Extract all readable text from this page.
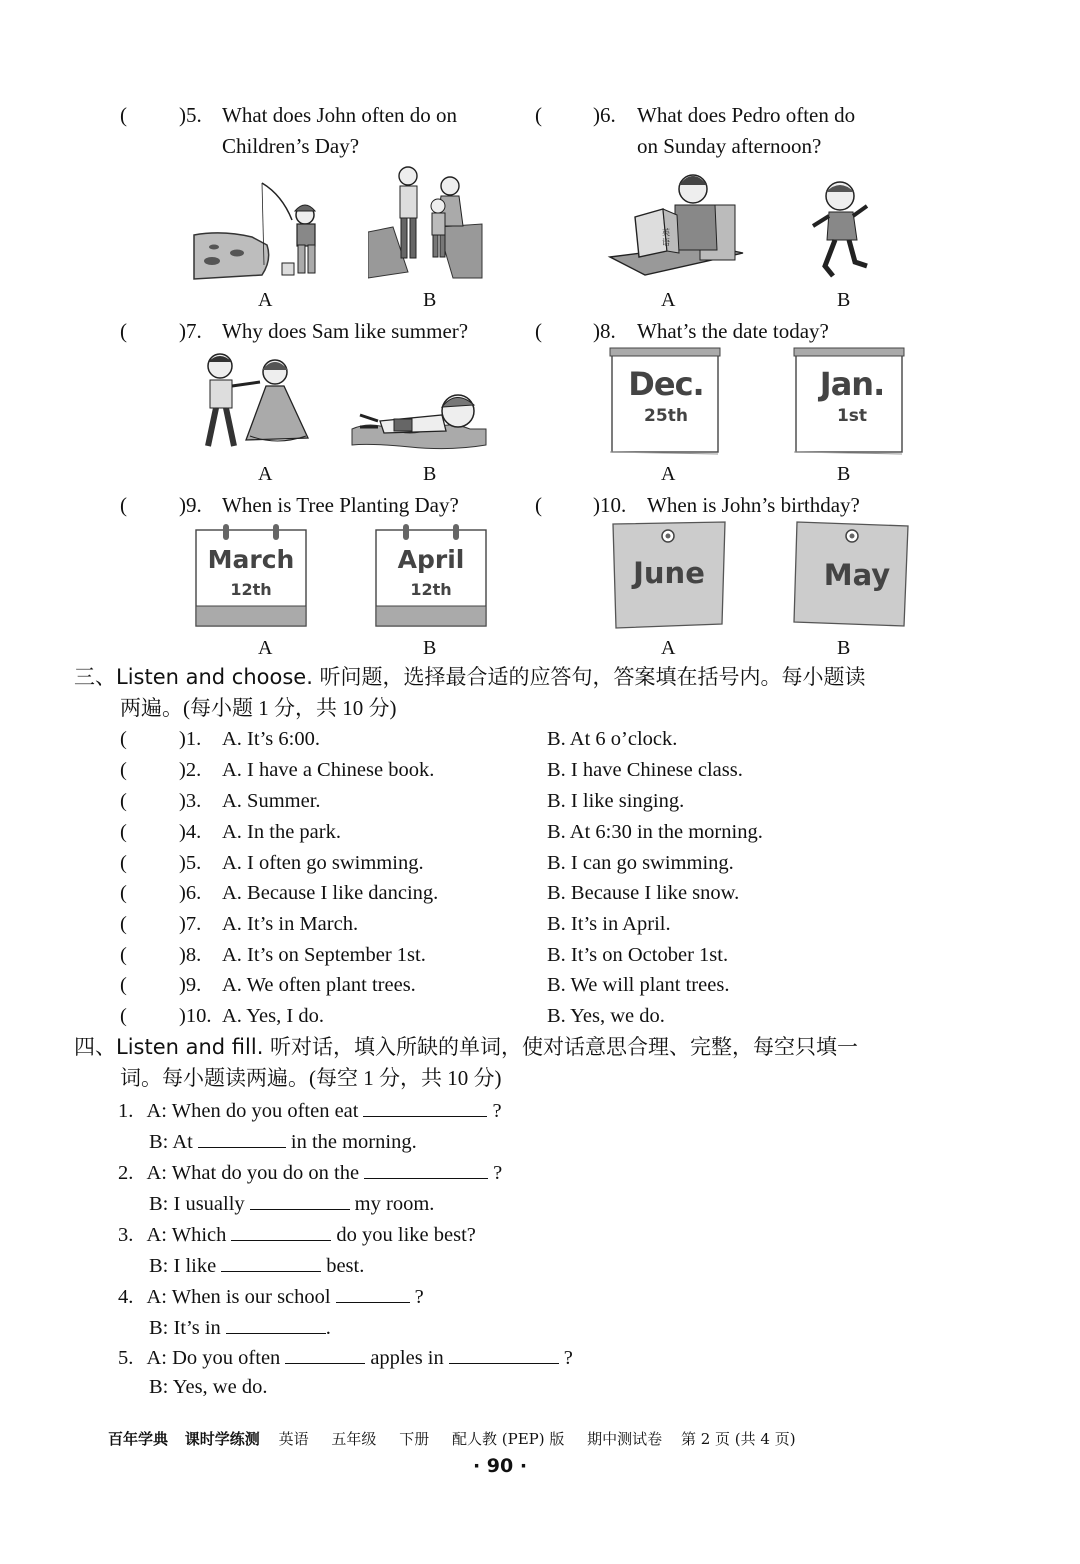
( )5. What does John often do on
Children’s Day?
( )6. What does Pedro often do
on Sunday afternoon?
英
语
A	B	A	B
( )7. Why does Sam like summer?	( )8. What’s the date today?
Dec.
25th
Jan.
1st
A	B	A	B
( )9. When is Tree Planting Day?	( )10. When is John’s birthday?
March
12th
April
12th	June	May
A	B	A	B
三、Listen and choose. 听问题，选择最合适的应答句，答案填在括号内。每小题读
两遍。(每小题 1 分，共 10 分)
(	)1. A. It’s 6:00.	B. At 6 o’clock.
(	)2. A. I have a Chinese book.	B. I have Chinese class.
(	)3. A. Summer.	B. I like singing.
(	)4. A. In the park.	B. At 6:30 in the morning.
(	)5. A. I often go swimming.	B. I can go swimming.
(	)6. A. Because I like dancing.	B. Because I like snow.
(	)7. A. It’s in March.	B. It’s in April.
(	)8. A. It’s on September 1st.	B. It’s on October 1st.
(	)9. A. We often plant trees.	B. We will plant trees.
(	)10. A. Yes, I do.	B. Yes, we do.
四、Listen and fill. 听对话，填入所缺的单词，使对话意思合理、完整，每空只填一
词。每小题读两遍。(每空 1 分，共 10 分)
1. A: When do you often eat	?
B: At	in the morning.
2. A: What do you do on the	?
B: I usually	my room.
3. A: Which	do you like best?
B: I like	best.
4. A: When is our school	?
B: It’s in	.
5. A: Do you often	apples in	?
B: Yes, we do.
百年学典 课时学练测 英语 五年级 下册 配人教 (PEP) 版 期中测试卷 第 2 页 (共 4 页)
· 90 ·
